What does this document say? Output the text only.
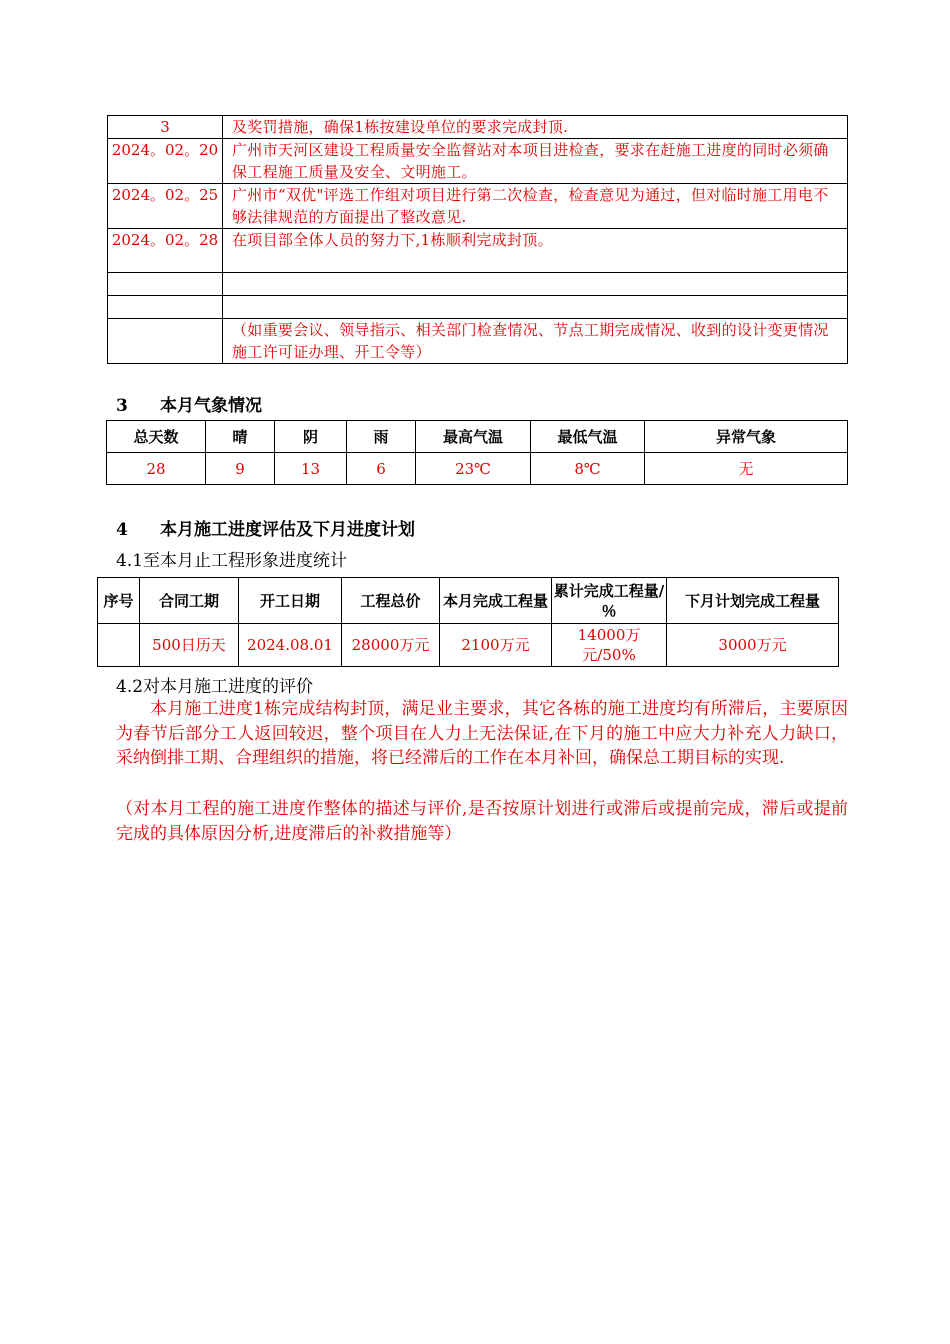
3	及奖罚措施，确保1栋按建设单位的要求完成封顶.
2024。02。20	广州市天河区建设工程质量安全监督站对本项目进检查，要求在赶施工进度的同时必须确保工程施工质量及安全、文明施工。
2024。02。25	广州市“双优"评选工作组对项目进行第二次检查，检查意见为通过，但对临时施工用电不够法律规范的方面提出了整改意见.
2024。02。28	在项目部全体人员的努力下,1栋顺利完成封顶。

	（如重要会议、领导指示、相关部门检查情况、节点工期完成情况、收到的设计变更情况施工许可证办理、开工令等）
3 本月气象情况
总天数	晴	阴	雨	最高气温	最低气温	异常气象
28	9	13	6	23℃	8℃	无
4 本月施工进度评估及下月进度计划
4.1至本月止工程形象进度统计
序号	合同工期	开工日期	工程总价	本月完成工程量	累计完成工程量/％	下月计划完成工程量
	500日历天	2024.08.01	28000万元	2100万元	14000万元/50%	3000万元
4.2对本月施工进度的评价
本月施工进度1栋完成结构封顶，满足业主要求，其它各栋的施工进度均有所滞后，主要原因为春节后部分工人返回较迟，整个项目在人力上无法保证,在下月的施工中应大力补充人力缺口，采纳倒排工期、合理组织的措施，将已经滞后的工作在本月补回，确保总工期目标的实现.
（对本月工程的施工进度作整体的描述与评价,是否按原计划进行或滞后或提前完成，滞后或提前完成的具体原因分析,进度滞后的补救措施等）
